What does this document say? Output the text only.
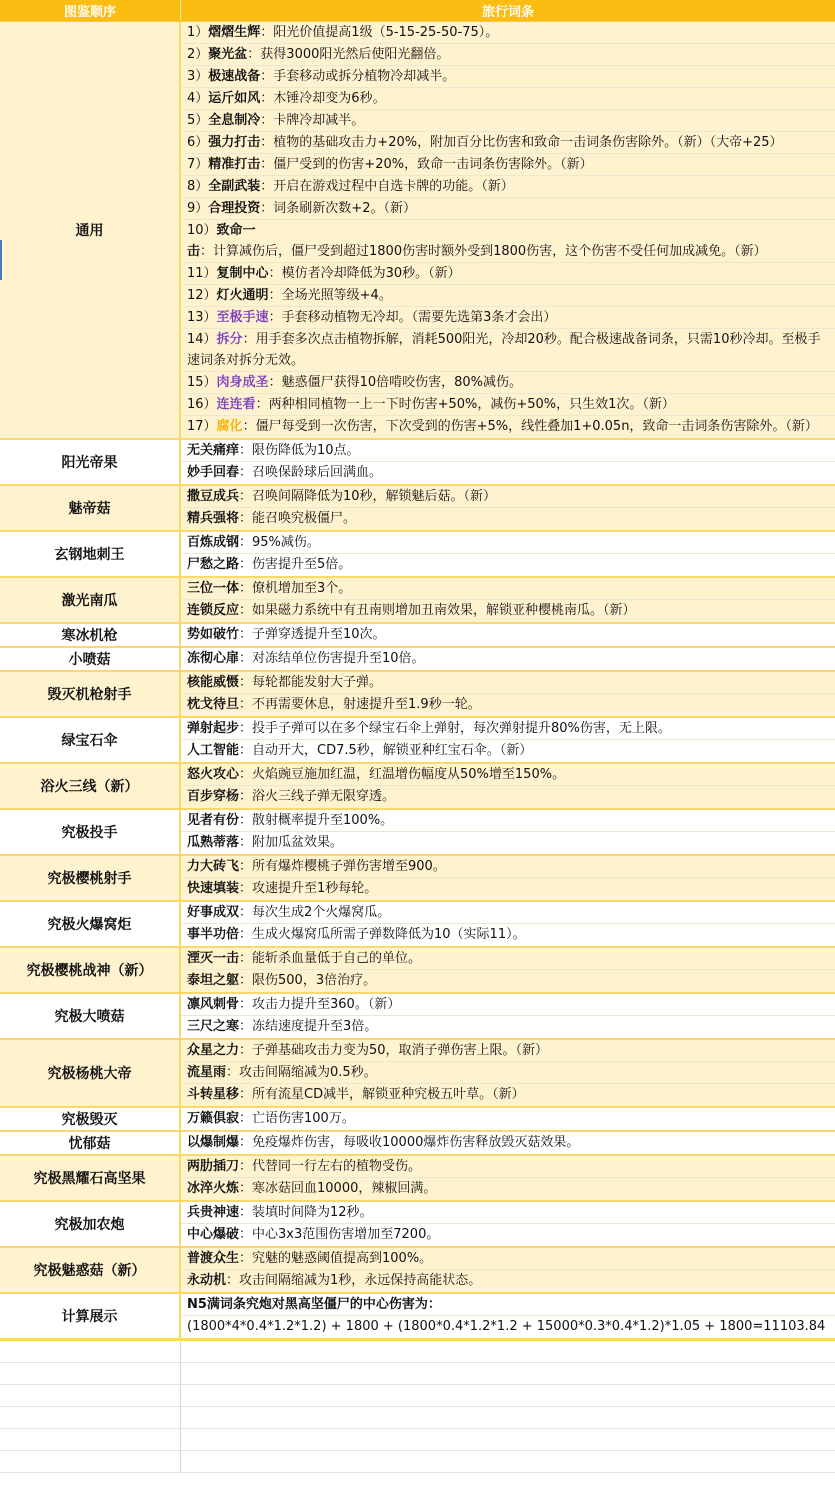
图鉴顺序	旅行词条
通用
1）熠熠生辉：阳光价值提高1级（5-15-25-50-75）。
2）聚光盆：获得3000阳光然后使阳光翻倍。
3）极速战备：手套移动或拆分植物冷却减半。
4）运斤如风：木锤冷却变为6秒。
5）全息制冷：卡牌冷却减半。
6）强力打击：植物的基础攻击力+20%，附加百分比伤害和致命一击词条伤害除外。（新）（大帝+25）
7）精准打击：僵尸受到的伤害+20%，致命一击词条伤害除外。（新）
8）全副武装：开启在游戏过程中自选卡牌的功能。（新）
9）合理投资：词条刷新次数+2。（新）
10）致命一击：计算减伤后，僵尸受到超过1800伤害时额外受到1800伤害，这个伤害不受任何加成减免。（新）
11）复制中心：模仿者冷却降低为30秒。（新）
12）灯火通明：全场光照等级+4。
13）至极手速：手套移动植物无冷却。（需要先选第3条才会出）
14）拆分：用手套多次点击植物拆解，消耗500阳光，冷却20秒。配合极速战备词条，只需10秒冷却。至极手速词条对拆分无效。
15）肉身成圣：魅惑僵尸获得10倍啃咬伤害，80%减伤。
16）连连看：两种相同植物一上一下时伤害+50%，减伤+50%，只生效1次。（新）
17）腐化：僵尸每受到一次伤害，下次受到的伤害+5%，线性叠加1+0.05n，致命一击词条伤害除外。（新）
阳光帝果
无关痛痒：限伤降低为10点。
妙手回春：召唤保龄球后回满血。
魅帝菇
撒豆成兵：召唤间隔降低为10秒，解锁魅后菇。（新）
精兵强将：能召唤究极僵尸。
玄钢地刺王
百炼成钢：95%减伤。
尸愁之路：伤害提升至5倍。
激光南瓜
三位一体：僚机增加至3个。
连锁反应：如果磁力系统中有丑南则增加丑南效果，解锁亚种樱桃南瓜。（新）
寒冰机枪	势如破竹：子弹穿透提升至10次。
小喷菇	冻彻心扉：对冻结单位伤害提升至10倍。
毁灭机枪射手
核能威慑：每轮都能发射大子弹。
枕戈待旦：不再需要休息，射速提升至1.9秒一轮。
绿宝石伞
弹射起步：投手子弹可以在多个绿宝石伞上弹射，每次弹射提升80%伤害，无上限。
人工智能：自动开大，CD7.5秒，解锁亚种红宝石伞。（新）
浴火三线（新）
怒火攻心：火焰豌豆施加红温，红温增伤幅度从50%增至150%。
百步穿杨：浴火三线子弹无限穿透。
究极投手
见者有份：散射概率提升至100%。
瓜熟蒂落：附加瓜盆效果。
究极樱桃射手
力大砖飞：所有爆炸樱桃子弹伤害增至900。
快速填装：攻速提升至1秒每轮。
究极火爆窝炬
好事成双：每次生成2个火爆窝瓜。
事半功倍：生成火爆窝瓜所需子弹数降低为10（实际11）。
究极樱桃战神（新）
湮灭一击：能斩杀血量低于自己的单位。
泰坦之躯：限伤500，3倍治疗。
究极大喷菇
凛风刺骨：攻击力提升至360。（新）
三尺之寒：冻结速度提升至3倍。
究极杨桃大帝
众星之力：子弹基础攻击力变为50，取消子弹伤害上限。（新）
流星雨：攻击间隔缩减为0.5秒。
斗转星移：所有流星CD减半，解锁亚种究极五叶草。（新）
究极毁灭	万籁俱寂：亡语伤害100万。
忧郁菇	以爆制爆：免疫爆炸伤害，每吸收10000爆炸伤害释放毁灭菇效果。
究极黑耀石高坚果
两肋插刀：代替同一行左右的植物受伤。
冰淬火炼：寒冰菇回血10000，辣椒回满。
究极加农炮
兵贵神速：装填时间降为12秒。
中心爆破：中心3x3范围伤害增加至7200。
究极魅惑菇（新）
普渡众生：究魅的魅惑阈值提高到100%。
永动机：攻击间隔缩减为1秒，永远保持高能状态。
计算展示
N5满词条究炮对黑高坚僵尸的中心伤害为：
(1800*4*0.4*1.2*1.2) + 1800 + (1800*0.4*1.2*1.2 + 15000*0.3*0.4*1.2)*1.05 + 1800=11103.84
